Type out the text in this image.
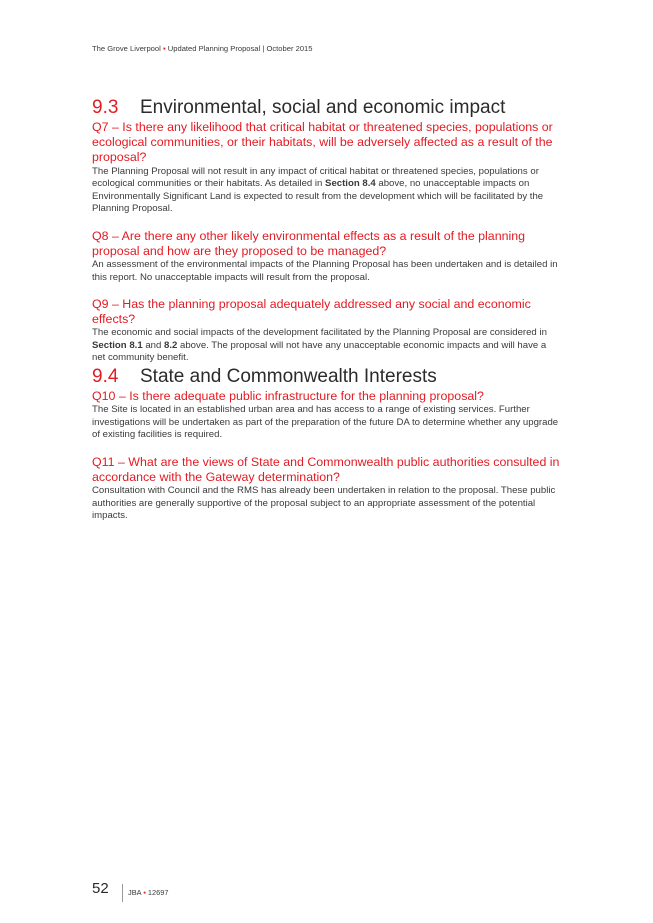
The Grove Liverpool ▪ Updated Planning Proposal | October 2015
9.3 Environmental, social and economic impact
Q7 – Is there any likelihood that critical habitat or threatened species, populations or ecological communities, or their habitats, will be adversely affected as a result of the proposal?

The Planning Proposal will not result in any impact of critical habitat or threatened species, populations or ecological communities or their habitats. As detailed in Section 8.4 above, no unacceptable impacts on Environmentally Significant Land is expected to result from the development which will be facilitated by the Planning Proposal.

Q8 – Are there any other likely environmental effects as a result of the planning proposal and how are they proposed to be managed?

An assessment of the environmental impacts of the Planning Proposal has been undertaken and is detailed in this report. No unacceptable impacts will result from the proposal.

Q9 – Has the planning proposal adequately addressed any social and economic effects?

The economic and social impacts of the development facilitated by the Planning Proposal are considered in Section 8.1 and 8.2 above. The proposal will not have any unacceptable economic impacts and will have a net community benefit.

9.4 State and Commonwealth Interests
Q10 – Is there adequate public infrastructure for the planning proposal?

The Site is located in an established urban area and has access to a range of existing services. Further investigations will be undertaken as part of the preparation of the future DA to determine whether any upgrade of existing facilities is required.

Q11 – What are the views of State and Commonwealth public authorities consulted in accordance with the Gateway determination?

Consultation with Council and the RMS has already been undertaken in relation to the proposal. These public authorities are generally supportive of the proposal subject to an appropriate assessment of the potential impacts.

52	JBA ▪ 12697
